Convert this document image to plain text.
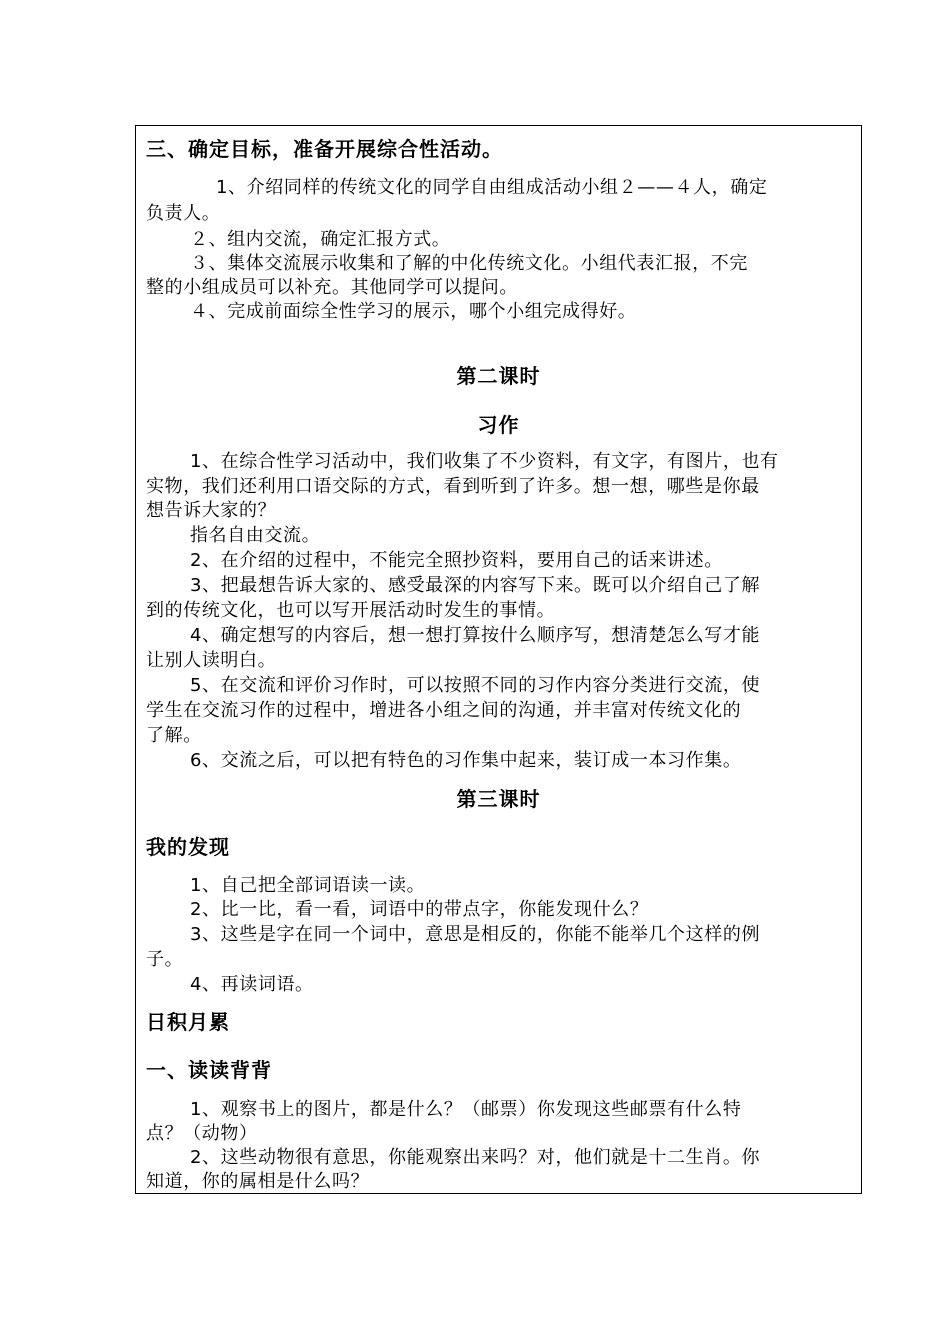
三、确定目标，准备开展综合性活动。
1、介绍同样的传统文化的同学自由组成活动小组２——４人，确定
负责人。
２、组内交流，确定汇报方式。
３、集体交流展示收集和了解的中化传统文化。小组代表汇报，不完
整的小组成员可以补充。其他同学可以提问。
４、完成前面综全性学习的展示，哪个小组完成得好。
第二课时
习作
1、在综合性学习活动中，我们收集了不少资料，有文字，有图片，也有
实物，我们还利用口语交际的方式，看到听到了许多。想一想，哪些是你最
想告诉大家的？
指名自由交流。
2、在介绍的过程中，不能完全照抄资料，要用自己的话来讲述。
3、把最想告诉大家的、感受最深的内容写下来。既可以介绍自己了解
到的传统文化，也可以写开展活动时发生的事情。
4、确定想写的内容后，想一想打算按什么顺序写，想清楚怎么写才能
让别人读明白。
5、在交流和评价习作时，可以按照不同的习作内容分类进行交流，使
学生在交流习作的过程中，增进各小组之间的沟通，并丰富对传统文化的
了解。
6、交流之后，可以把有特色的习作集中起来，装订成一本习作集。
第三课时
我的发现
1、自己把全部词语读一读。
2、比一比，看一看，词语中的带点字，你能发现什么？
3、这些是字在同一个词中，意思是相反的，你能不能举几个这样的例
子。
4、再读词语。
日积月累
一、读读背背
1、观察书上的图片，都是什么？（邮票）你发现这些邮票有什么特
点？（动物）
2、这些动物很有意思，你能观察出来吗？对，他们就是十二生肖。你
知道，你的属相是什么吗？
